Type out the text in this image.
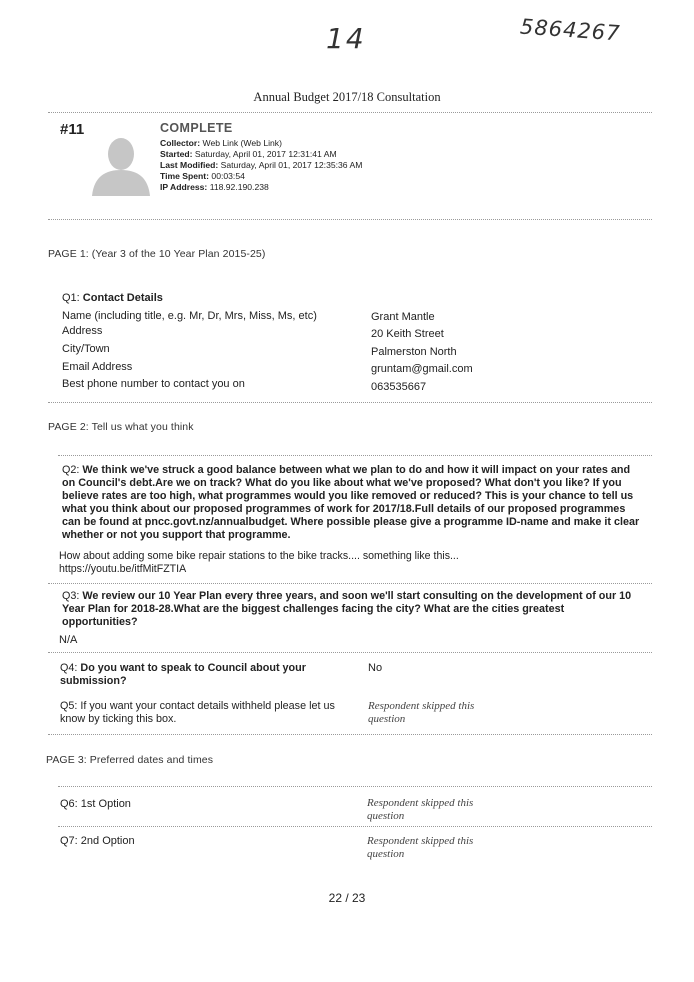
14	5864267
Annual Budget 2017/18 Consultation
#11	COMPLETE
Collector: Web Link (Web Link)
Started: Saturday, April 01, 2017 12:31:41 AM
Last Modified: Saturday, April 01, 2017 12:35:36 AM
Time Spent: 00:03:54
IP Address: 118.92.190.238
PAGE 1: (Year 3 of the 10 Year Plan 2015-25)
Q1: Contact Details
Name (including title, e.g. Mr, Dr, Mrs, Miss, Ms, etc)	Grant Mantle
Address	20 Keith Street
City/Town	Palmerston North
Email Address	gruntam@gmail.com
Best phone number to contact you on	063535667
PAGE 2: Tell us what you think
Q2: We think we've struck a good balance between what we plan to do and how it will impact on your rates and on Council's debt.Are we on track? What do you like about what we've proposed? What don't you like? If you believe rates are too high, what programmes would you like removed or reduced? This is your chance to tell us what you think about our proposed programmes of work for 2017/18.Full details of our proposed programmes can be found at pncc.govt.nz/annualbudget. Where possible please give a programme ID-name and make it clear whether or not you support that programme.
How about adding some bike repair stations to the bike tracks.... something like this...
https://youtu.be/itfMitFZTIA
Q3: We review our 10 Year Plan every three years, and soon we'll start consulting on the development of our 10 Year Plan for 2018-28.What are the biggest challenges facing the city? What are the cities greatest opportunities?
N/A
Q4: Do you want to speak to Council about your submission?
No
Q5: If you want your contact details withheld please let us know by ticking this box.
Respondent skipped this question
PAGE 3: Preferred dates and times
Q6: 1st Option	Respondent skipped this question
Q7: 2nd Option	Respondent skipped this question
22 / 23
